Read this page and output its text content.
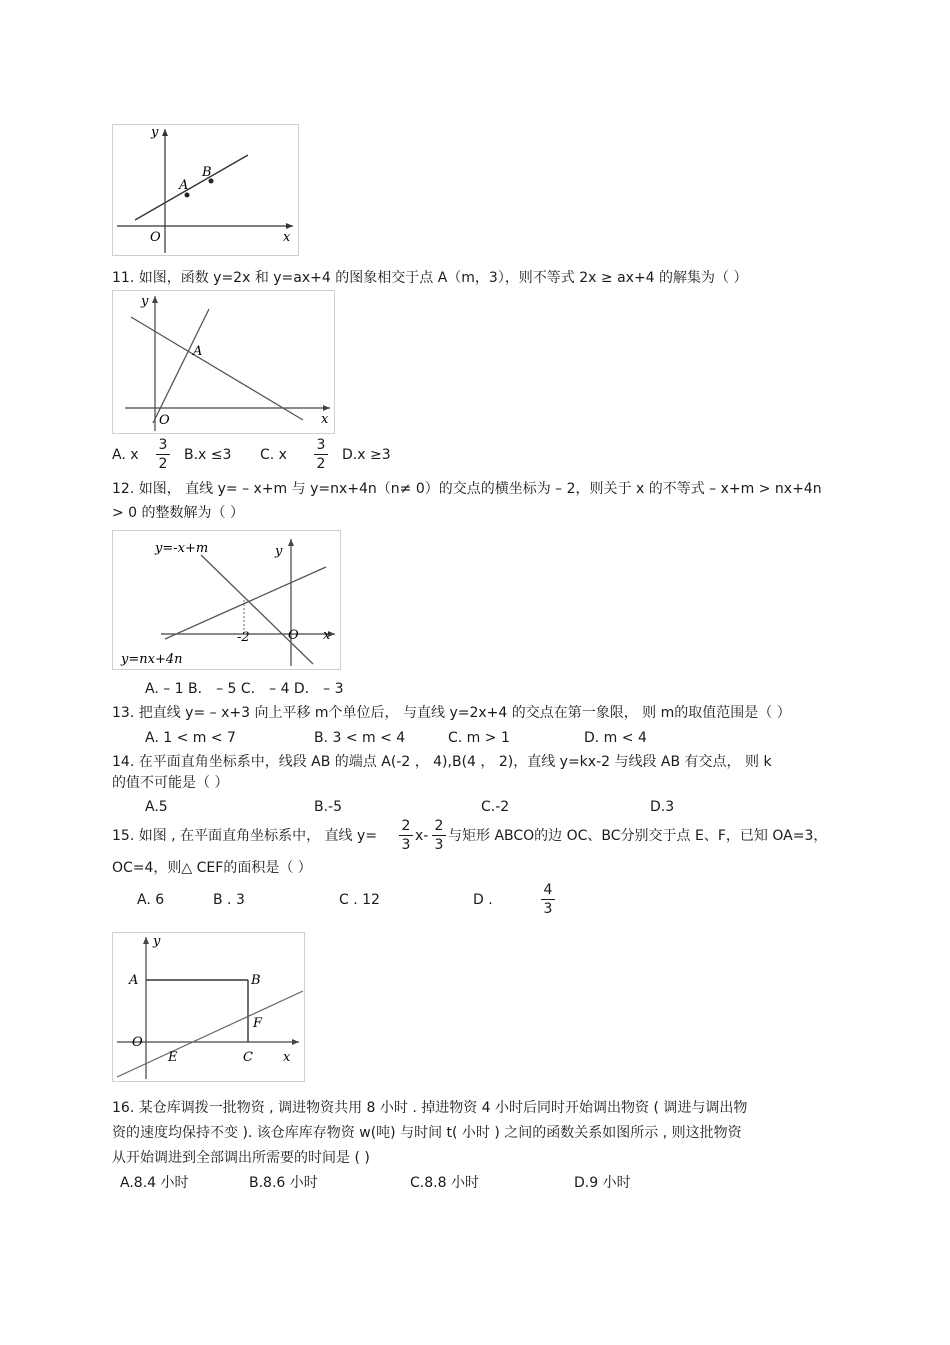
y
x
O
A
B
11. 如图，函数 y=2x 和 y=ax+4 的图象相交于点 A（m，3），则不等式 2x ≥ ax+4 的解集为（ ）
y
x
O
A
A. x
3
2
B.x ≤3 C. x
3
2
D.x ≥3
12. 如图， 直线 y= – x+m 与 y=nx+4n（n≠ 0）的交点的横坐标为 – 2，则关于 x 的不等式 – x+m > nx+4n
> 0 的整数解为（ ）
y=-x+m
y=nx+4n
y
x
O
-2
A. – 1 B． – 5 C． – 4 D． – 3
13. 把直线 y= – x+3 向上平移 m个单位后， 与直线 y=2x+4 的交点在第一象限， 则 m的取值范围是（ ）
A. 1 < m < 7	B. 3 < m < 4	C. m > 1	D. m < 4
14. 在平面直角坐标系中，线段 AB 的端点 A(-2 ， 4),B(4 ， 2)，直线 y=kx-2 与线段 AB 有交点， 则 k
的值不可能是（ ）
A.5	B.-5	C.-2	D.3
15. 如图 , 在平面直角坐标系中， 直线 y=
2
3
x-
2
3
与矩形 ABCO的边 OC、BC分别交于点 E、F，已知 OA=3，
OC=4，则△ CEF的面积是（ ）
A. 6	B . 3	C . 12	D .
4
3
y
x
O
A	B
C
E
F
16. 某仓库调拨一批物资 , 调进物资共用 8 小时 . 掉进物资 4 小时后同时开始调出物资 ( 调进与调出物
资的速度均保持不变 ). 该仓库库存物资 w(吨) 与时间 t( 小时 ) 之间的函数关系如图所示 , 则这批物资
从开始调进到全部调出所需要的时间是 ( )
A.8.4 小时	B.8.6 小时	C.8.8 小时	D.9 小时
